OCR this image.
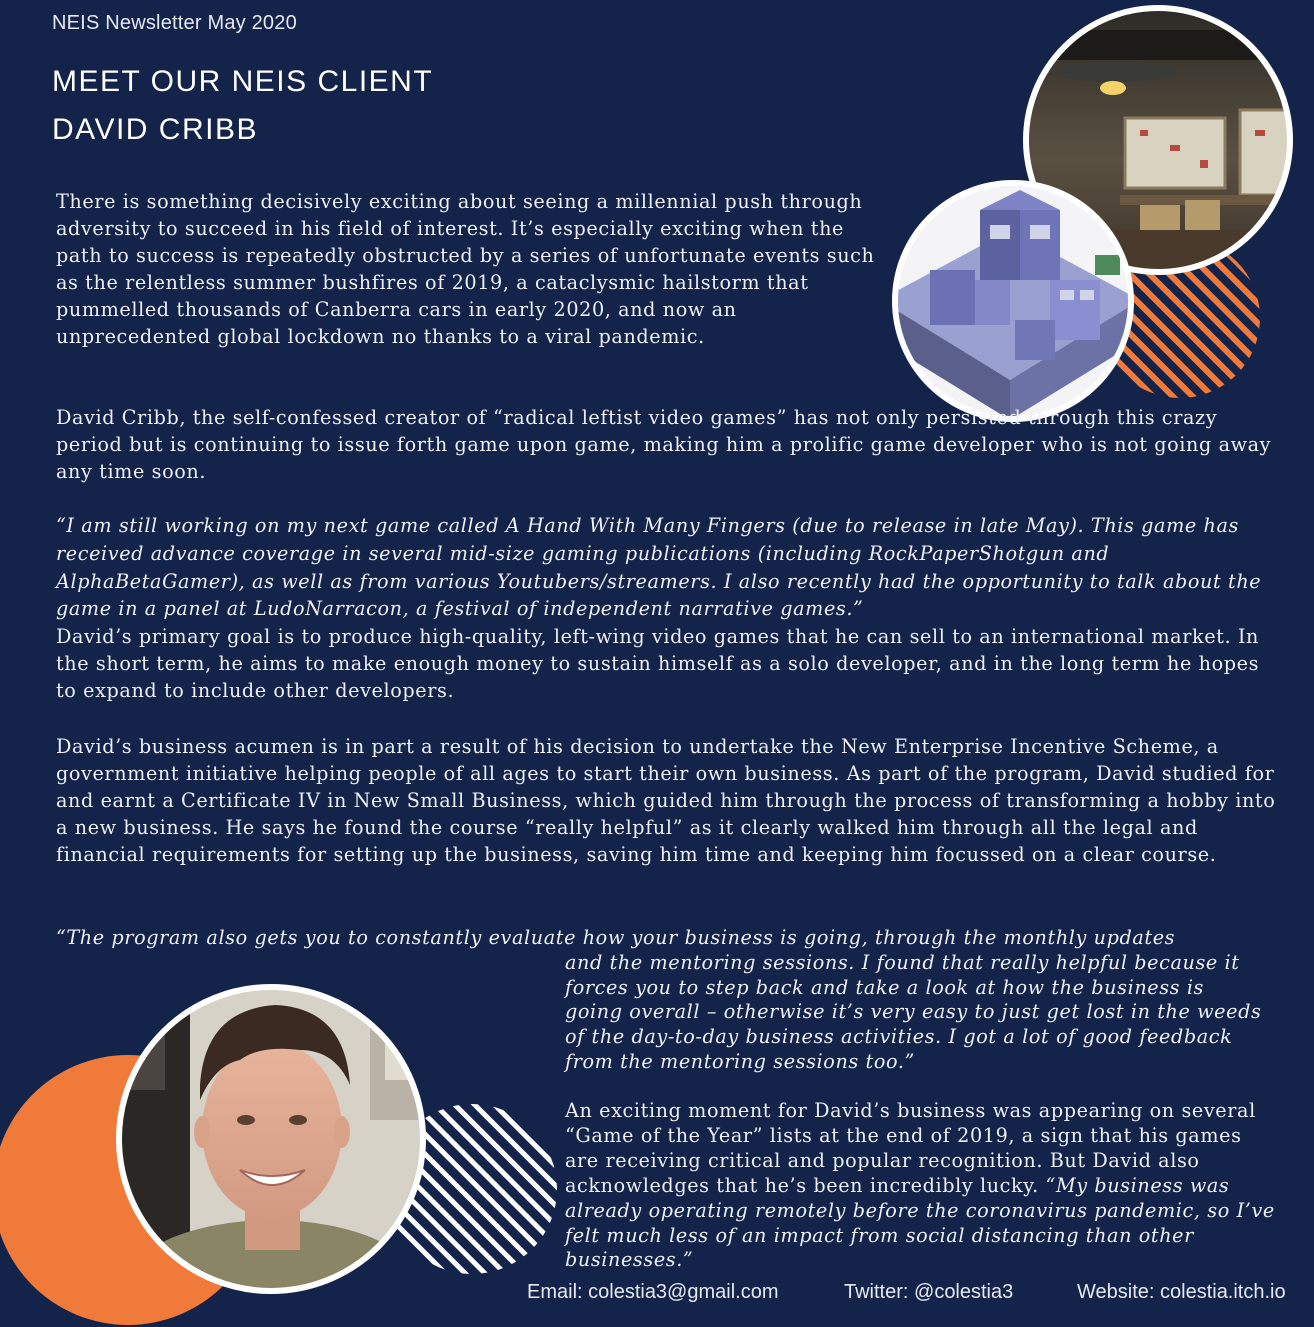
NEIS Newsletter May 2020
MEET OUR NEIS CLIENT
DAVID CRIBB

There is something decisively exciting about seeing a millennial push through adversity to succeed in his field of interest. It’s especially exciting when the path to success is repeatedly obstructed by a series of unfortunate events such as the relentless summer bushfires of 2019, a cataclysmic hailstorm that pummelled thousands of Canberra cars in early 2020, and now an unprecedented global lockdown no thanks to a viral pandemic.

David Cribb, the self-confessed creator of “radical leftist video games” has not only persisted through this crazy period but is continuing to issue forth game upon game, making him a prolific game developer who is not going away any time soon.

“I am still working on my next game called A Hand With Many Fingers (due to release in late May). This game has received advance coverage in several mid-size gaming publications (including RockPaperShotgun and AlphaBetaGamer), as well as from various Youtubers/streamers. I also recently had the opportunity to talk about the game in a panel at LudoNarracon, a festival of independent narrative games.”

David’s primary goal is to produce high-quality, left-wing video games that he can sell to an international market. In the short term, he aims to make enough money to sustain himself as a solo developer, and in the long term he hopes to expand to include other developers.

David’s business acumen is in part a result of his decision to undertake the New Enterprise Incentive Scheme, a government initiative helping people of all ages to start their own business. As part of the program, David studied for and earnt a Certificate IV in New Small Business, which guided him through the process of transforming a hobby into a new business. He says he found the course “really helpful” as it clearly walked him through all the legal and financial requirements for setting up the business, saving him time and keeping him focussed on a clear course.

“The program also gets you to constantly evaluate how your business is going, through the monthly updates
and the mentoring sessions. I found that really helpful because it forces you to step back and take a look at how the business is going overall – otherwise it’s very easy to just get lost in the weeds of the day-to-day business activities. I got a lot of good feedback from the mentoring sessions too.”

An exciting moment for David’s business was appearing on several “Game of the Year” lists at the end of 2019, a sign that his games are receiving critical and popular recognition. But David also acknowledges that he’s been incredibly lucky. “My business was already operating remotely before the coronavirus pandemic, so I’ve felt much less of an impact from social distancing than other businesses.”

Email: colestia3@gmail.com	Twitter: @colestia3	Website: colestia.itch.io
